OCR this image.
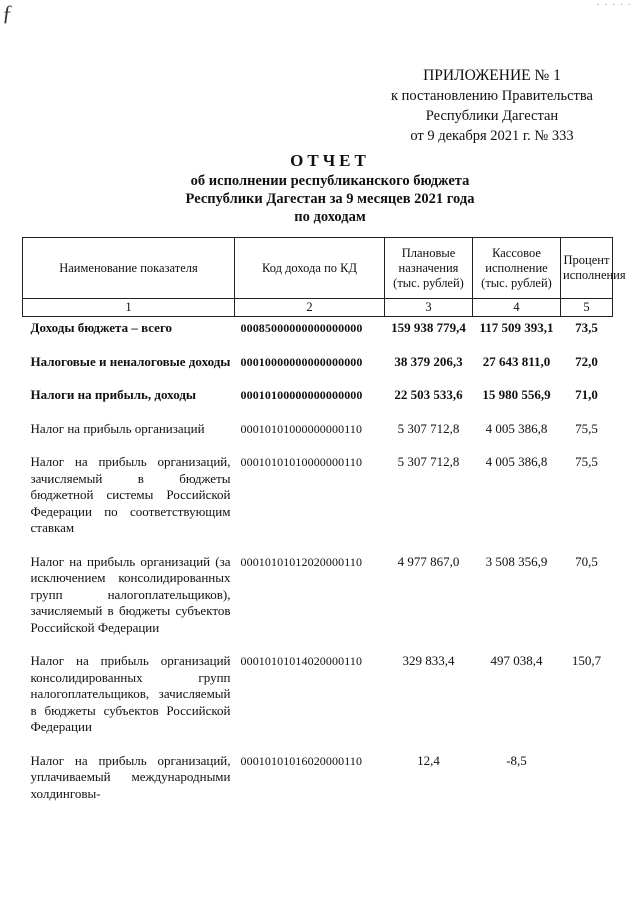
ƒ	· · · · ·
ПРИЛОЖЕНИЕ № 1
к постановлению Правительства
Республики Дагестан
от 9 декабря 2021 г. № 333
ОТЧЕТ
об исполнении республиканского бюджета
Республики Дагестан за 9 месяцев 2021 года
по доходам
Наименование показателя	Код дохода по КД	Плановые назначения (тыс. рублей)	Кассовое исполнение (тыс. рублей)	Процент исполнения
1	2	3	4	5
Доходы бюджета – всего	00085000000000000000	159 938 779,4	117 509 393,1	73,5
Налоговые и неналоговые доходы	00010000000000000000	38 379 206,3	27 643 811,0	72,0
Налоги на прибыль, доходы	00010100000000000000	22 503 533,6	15 980 556,9	71,0
Налог на прибыль организаций	00010101000000000110	5 307 712,8	4 005 386,8	75,5
Налог на прибыль организаций, зачисляемый в бюджеты бюджетной системы Российской Федерации по соответствующим ставкам	00010101010000000110	5 307 712,8	4 005 386,8	75,5
Налог на прибыль организаций (за исключением консолидированных групп налогоплательщиков), зачисляемый в бюджеты субъектов Российской Федерации	00010101012020000110	4 977 867,0	3 508 356,9	70,5
Налог на прибыль организаций консолидированных групп налогоплательщиков, зачисляемый в бюджеты субъектов Российской Федерации	00010101014020000110	329 833,4	497 038,4	150,7
Налог на прибыль организаций, уплачиваемый международными холдинговы-	00010101016020000110	12,4	-8,5	
